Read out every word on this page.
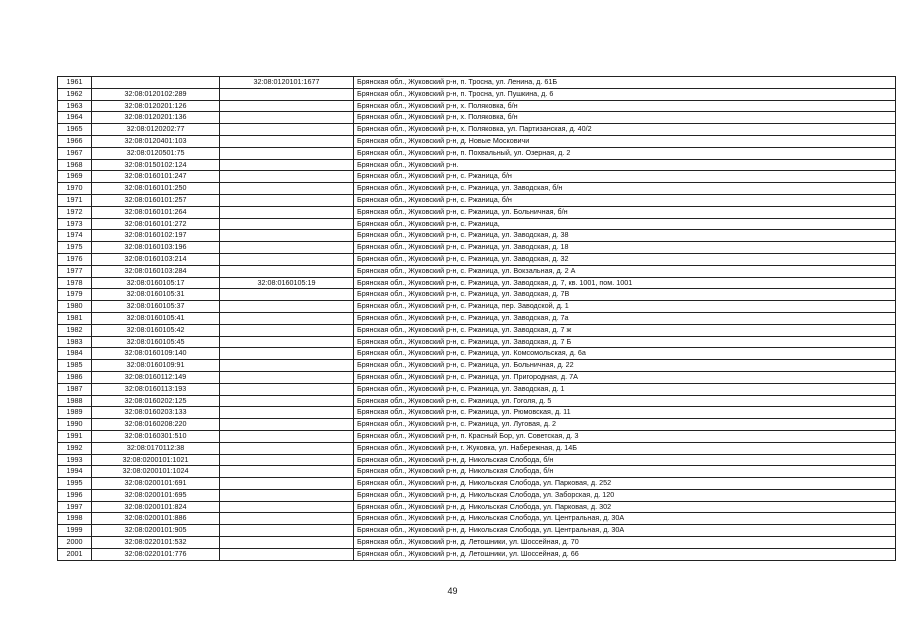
1961		32:08:0120101:1677	Брянская обл., Жуковский р-н, п. Тросна, ул. Ленина, д. 61Б
1962	32:08:0120102:289		Брянская обл., Жуковский р-н, п. Тросна, ул. Пушкина, д. 6
1963	32:08:0120201:126		Брянская обл., Жуковский р-н, х. Поляковка, б/н
1964	32:08:0120201:136		Брянская обл., Жуковский р-н, х. Поляковка, б/н
1965	32:08:0120202:77		Брянская обл., Жуковский р-н, х. Поляковка, ул. Партизанская, д. 40/2
1966	32:08:0120401:103		Брянская обл., Жуковский р-н, д. Новые Московичи
1967	32:08:0120501:75		Брянская обл., Жуковский р-н, п. Похвальный, ул. Озерная, д. 2
1968	32:08:0150102:124		Брянская обл., Жуковский р-н.
1969	32:08:0160101:247		Брянская обл., Жуковский р-н, с. Ржаница, б/н
1970	32:08:0160101:250		Брянская обл., Жуковский р-н, с. Ржаница, ул. Заводская, б/н
1971	32:08:0160101:257		Брянская обл., Жуковский р-н, с. Ржаница, б/н
1972	32:08:0160101:264		Брянская обл., Жуковский р-н, с. Ржаница, ул. Больничная, б/н
1973	32:08:0160101:272		Брянская обл., Жуковский р-н, с. Ржаница,
1974	32:08:0160102:197		Брянская обл., Жуковский р-н, с. Ржаница, ул. Заводская, д. 38
1975	32:08:0160103:196		Брянская обл., Жуковский р-н, с. Ржаница, ул. Заводская, д. 18
1976	32:08:0160103:214		Брянская обл., Жуковский р-н, с. Ржаница, ул. Заводская, д. 32
1977	32:08:0160103:284		Брянская обл., Жуковский р-н, с. Ржаница, ул. Вокзальная, д. 2 А
1978	32:08:0160105:17	32:08:0160105:19	Брянская обл., Жуковский р-н, с. Ржаница, ул. Заводская, д. 7, кв. 1001, пом. 1001
1979	32:08:0160105:31		Брянская обл., Жуковский р-н, с. Ржаница, ул. Заводская, д. 7В
1980	32:08:0160105:37		Брянская обл., Жуковский р-н, с. Ржаница, пер. Заводской, д. 1
1981	32:08:0160105:41		Брянская обл., Жуковский р-н, с. Ржаница, ул. Заводская, д. 7а
1982	32:08:0160105:42		Брянская обл., Жуковский р-н, с. Ржаница, ул. Заводская, д. 7 ж
1983	32:08:0160105:45		Брянская обл., Жуковский р-н, с. Ржаница, ул. Заводская, д. 7 Б
1984	32:08:0160109:140		Брянская обл., Жуковский р-н, с. Ржаница, ул. Комсомольская, д. 6а
1985	32:08:0160109:91		Брянская обл., Жуковский р-н, с. Ржаница, ул. Больничная, д. 22
1986	32:08:0160112:149		Брянская обл., Жуковский р-н, с. Ржаница, ул. Пригородная, д. 7А
1987	32:08:0160113:193		Брянская обл., Жуковский р-н, с. Ржаница, ул. Заводская, д. 1
1988	32:08:0160202:125		Брянская обл., Жуковский р-н, с. Ржаница, ул. Гоголя, д. 5
1989	32:08:0160203:133		Брянская обл., Жуковский р-н, с. Ржаница, ул. Рюмовская, д. 11
1990	32:08:0160208:220		Брянская обл., Жуковский р-н, с. Ржаница, ул. Луговая, д. 2
1991	32:08:0160301:510		Брянская обл., Жуковский р-н, п. Красный Бор, ул. Советская, д. 3
1992	32:08:0170112:38		Брянская обл., Жуковский р-н, г. Жуковка, ул. Набережная, д. 14Б
1993	32:08:0200101:1021		Брянская обл., Жуковский р-н, д. Никольская Слобода, б/н
1994	32:08:0200101:1024		Брянская обл., Жуковский р-н, д. Никольская Слобода, б/н
1995	32:08:0200101:691		Брянская обл., Жуковский р-н, д. Никольская Слобода, ул. Парковая, д. 252
1996	32:08:0200101:695		Брянская обл., Жуковский р-н, д. Никольская Слобода, ул. Заборская, д. 120
1997	32:08:0200101:824		Брянская обл., Жуковский р-н, д. Никольская Слобода, ул. Парковая, д. 302
1998	32:08:0200101:886		Брянская обл., Жуковский р-н, д. Никольская Слобода, ул. Центральная, д. 30А
1999	32:08:0200101:905		Брянская обл., Жуковский р-н, д. Никольская Слобода, ул. Центральная, д. 30А
2000	32:08:0220101:532		Брянская обл., Жуковский р-н, д. Летошники, ул. Шоссейная, д. 70
2001	32:08:0220101:776		Брянская обл., Жуковский р-н, д. Летошники, ул. Шоссейная, д. 66
49
